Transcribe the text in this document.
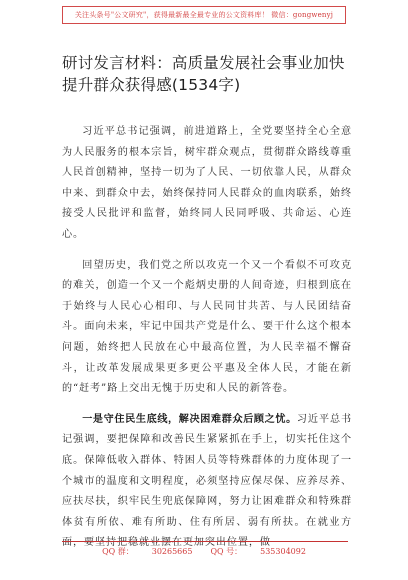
关注头条号"公文研究"，获得最新最全最专业的公文资料库！ 微信：gongwenyj
研讨发言材料：高质量发展社会事业加快提升群众获得感(1534字)

习近平总书记强调，前进道路上，全党要坚持全心全意为人民服务的根本宗旨，树牢群众观点，贯彻群众路线尊重人民首创精神，坚持一切为了人民、一切依靠人民，从群众中来、到群众中去，始终保持同人民群众的血肉联系，始终接受人民批评和监督，始终同人民同呼吸、共命运、心连心。

回望历史，我们党之所以攻克一个又一个看似不可攻克的难关，创造一个又一个彪炳史册的人间奇迹，归根到底在于始终与人民心心相印、与人民同甘共苦、与人民团结奋斗。面向未来，牢记中国共产党是什么、要干什么这个根本问题，始终把人民放在心中最高位置，为人民幸福不懈奋斗，让改革发展成果更多更公平惠及全体人民，才能在新的“赶考”路上交出无愧于历史和人民的新答卷。

一是守住民生底线，解决困难群众后顾之忧。习近平总书记强调，要把保障和改善民生紧紧抓在手上，切实托住这个底。保障低收入群体、特困人员等特殊群体的力度体现了一个城市的温度和文明程度，必须坚持应保尽保、应养尽养、应扶尽扶，织牢民生兜底保障网，努力让困难群众和特殊群体贫有所依、难有所助、住有所居、弱有所扶。在就业方面，要坚持把稳就业摆在更加突出位置，做

QQ 群： 30265665 QQ 号： 535304092
